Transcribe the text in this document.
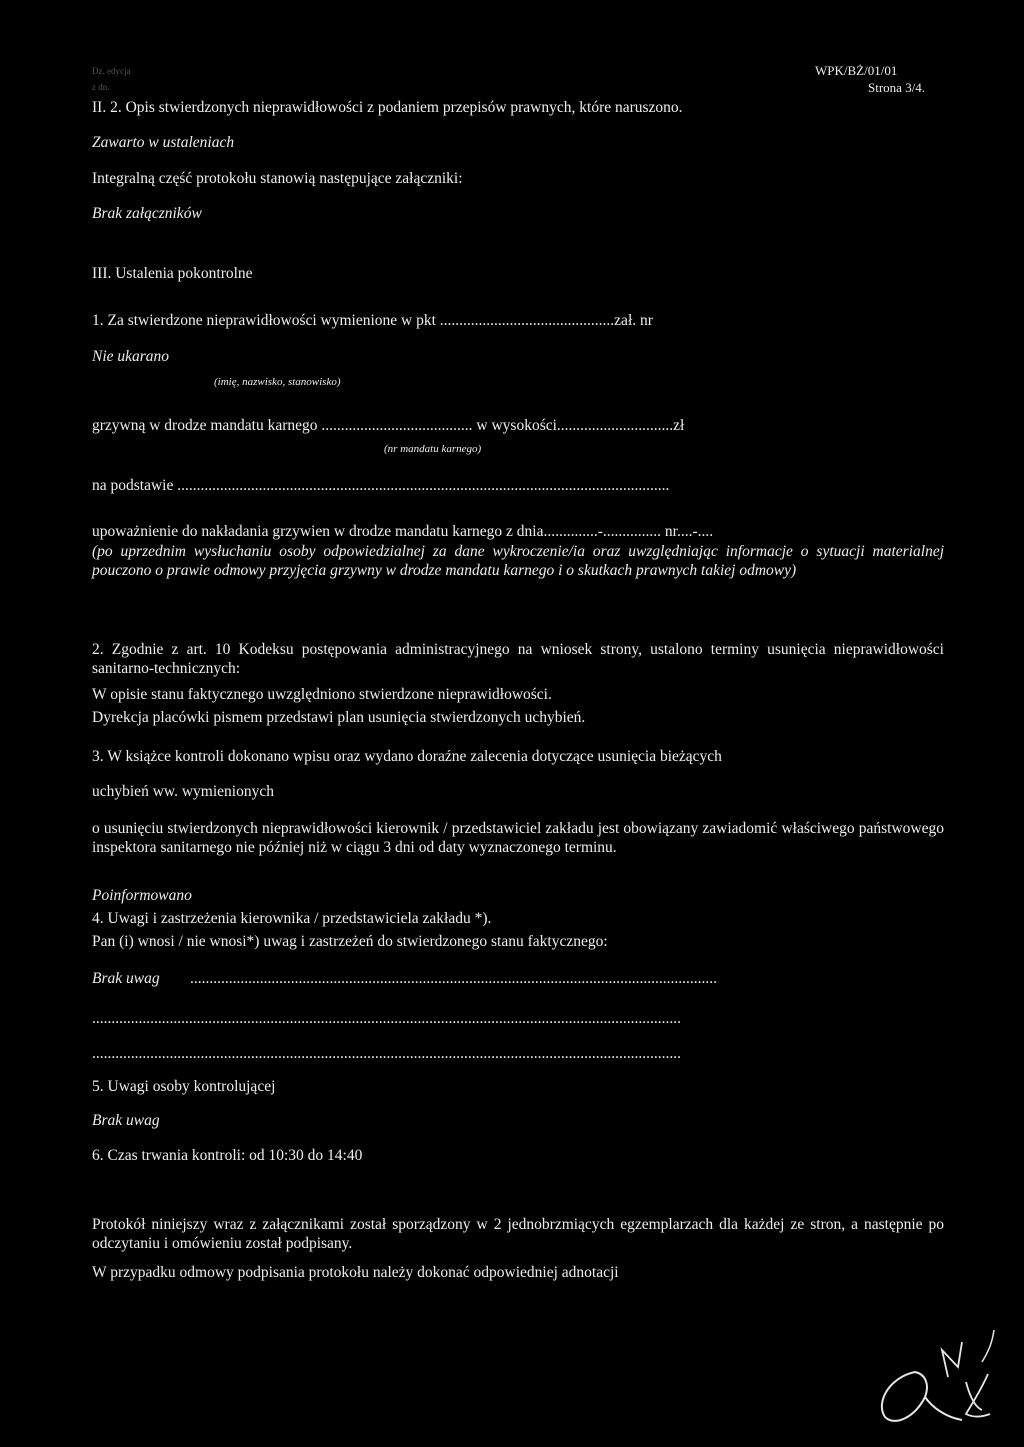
Dz. edycja
z dn.
WPK/BŻ/01/01
Strona 3/4.
II. 2. Opis stwierdzonych nieprawidłowości z podaniem przepisów prawnych, które naruszono.
Zawarto w ustaleniach
Integralną część protokołu stanowią następujące załączniki:
Brak załączników
III. Ustalenia pokontrolne
1. Za stwierdzone nieprawidłowości wymienione w pkt .............................................zał. nr
Nie ukarano
(imię, nazwisko, stanowisko)
grzywną w drodze mandatu karnego ....................................... w wysokości..............................zł
(nr mandatu karnego)
na podstawie ...............................................................................................................................
upoważnienie do nakładania grzywien w drodze mandatu karnego z dnia..............-............... nr....-....
(po uprzednim wysłuchaniu osoby odpowiedzialnej za dane wykroczenie/ia oraz uwzględniając informacje o sytuacji materialnej pouczono o prawie odmowy przyjęcia grzywny w drodze mandatu karnego i o skutkach prawnych takiej odmowy)
2. Zgodnie z art. 10 Kodeksu postępowania administracyjnego na wniosek strony, ustalono terminy usunięcia nieprawidłowości sanitarno-technicznych:
W opisie stanu faktycznego uwzględniono stwierdzone nieprawidłowości.
Dyrekcja placówki pismem przedstawi plan usunięcia stwierdzonych uchybień.
3. W książce kontroli dokonano wpisu oraz wydano doraźne zalecenia dotyczące usunięcia bieżących
uchybień ww. wymienionych
o usunięciu stwierdzonych nieprawidłowości kierownik / przedstawiciel zakładu jest obowiązany zawiadomić właściwego państwowego inspektora sanitarnego nie później niż w ciągu 3 dni od daty wyznaczonego terminu.
Poinformowano
4. Uwagi i zastrzeżenia kierownika / przedstawiciela zakładu *).
Pan (i) wnosi / nie wnosi*) uwag i zastrzeżeń do stwierdzonego stanu faktycznego:
Brak uwag ........................................................................................................................................
........................................................................................................................................................
........................................................................................................................................................
5. Uwagi osoby kontrolującej
Brak uwag
6. Czas trwania kontroli: od 10:30 do 14:40
Protokół niniejszy wraz z załącznikami został sporządzony w 2 jednobrzmiących egzemplarzach dla każdej ze stron, a następnie po odczytaniu i omówieniu został podpisany.
W przypadku odmowy podpisania protokołu należy dokonać odpowiedniej adnotacji
